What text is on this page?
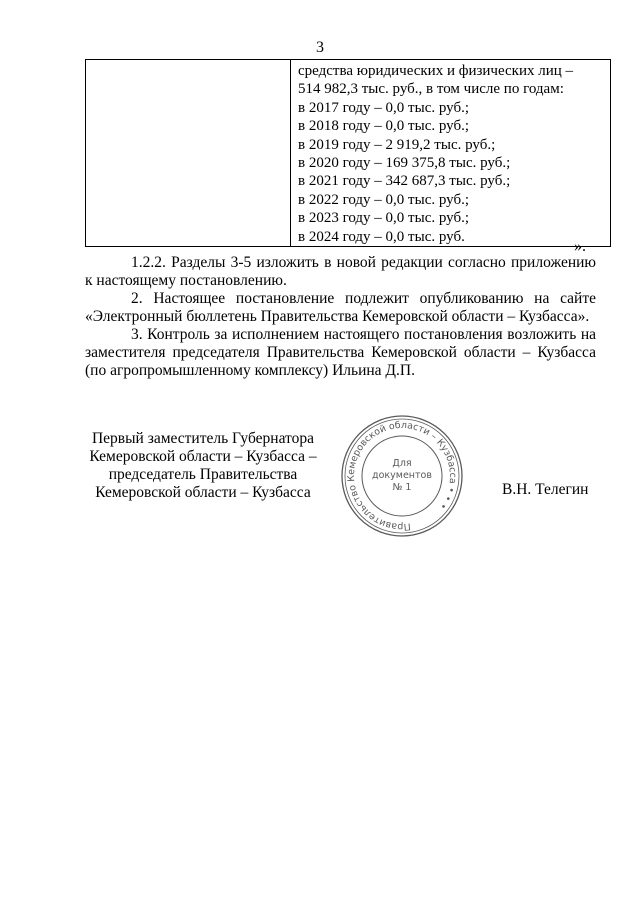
3

средства юридических и физических лиц –
514 982,3 тыс. руб., в том числе по годам:
в 2017 году – 0,0 тыс. руб.;
в 2018 году – 0,0 тыс. руб.;
в 2019 году – 2 919,2 тыс. руб.;
в 2020 году – 169 375,8 тыс. руб.;
в 2021 году – 342 687,3 тыс. руб.;
в 2022 году – 0,0 тыс. руб.;
в 2023 году – 0,0 тыс. руб.;
в 2024 году – 0,0 тыс. руб.
».

1.2.2. Разделы 3-5 изложить в новой редакции согласно приложению к настоящему постановлению.

2. Настоящее постановление подлежит опубликованию на сайте «Электронный бюллетень Правительства Кемеровской области – Кузбасса».

3. Контроль за исполнением настоящего постановления возложить на заместителя председателя Правительства Кемеровской области – Кузбасса (по агропромышленному комплексу) Ильина Д.П.

Первый заместитель Губернатора
Кемеровской области – Кузбасса –
председатель Правительства
Кемеровской области – Кузбасса
Правительство Кемеровской области – Кузбасса • • •
Для
документов
№ 1	В.Н. Телегин
